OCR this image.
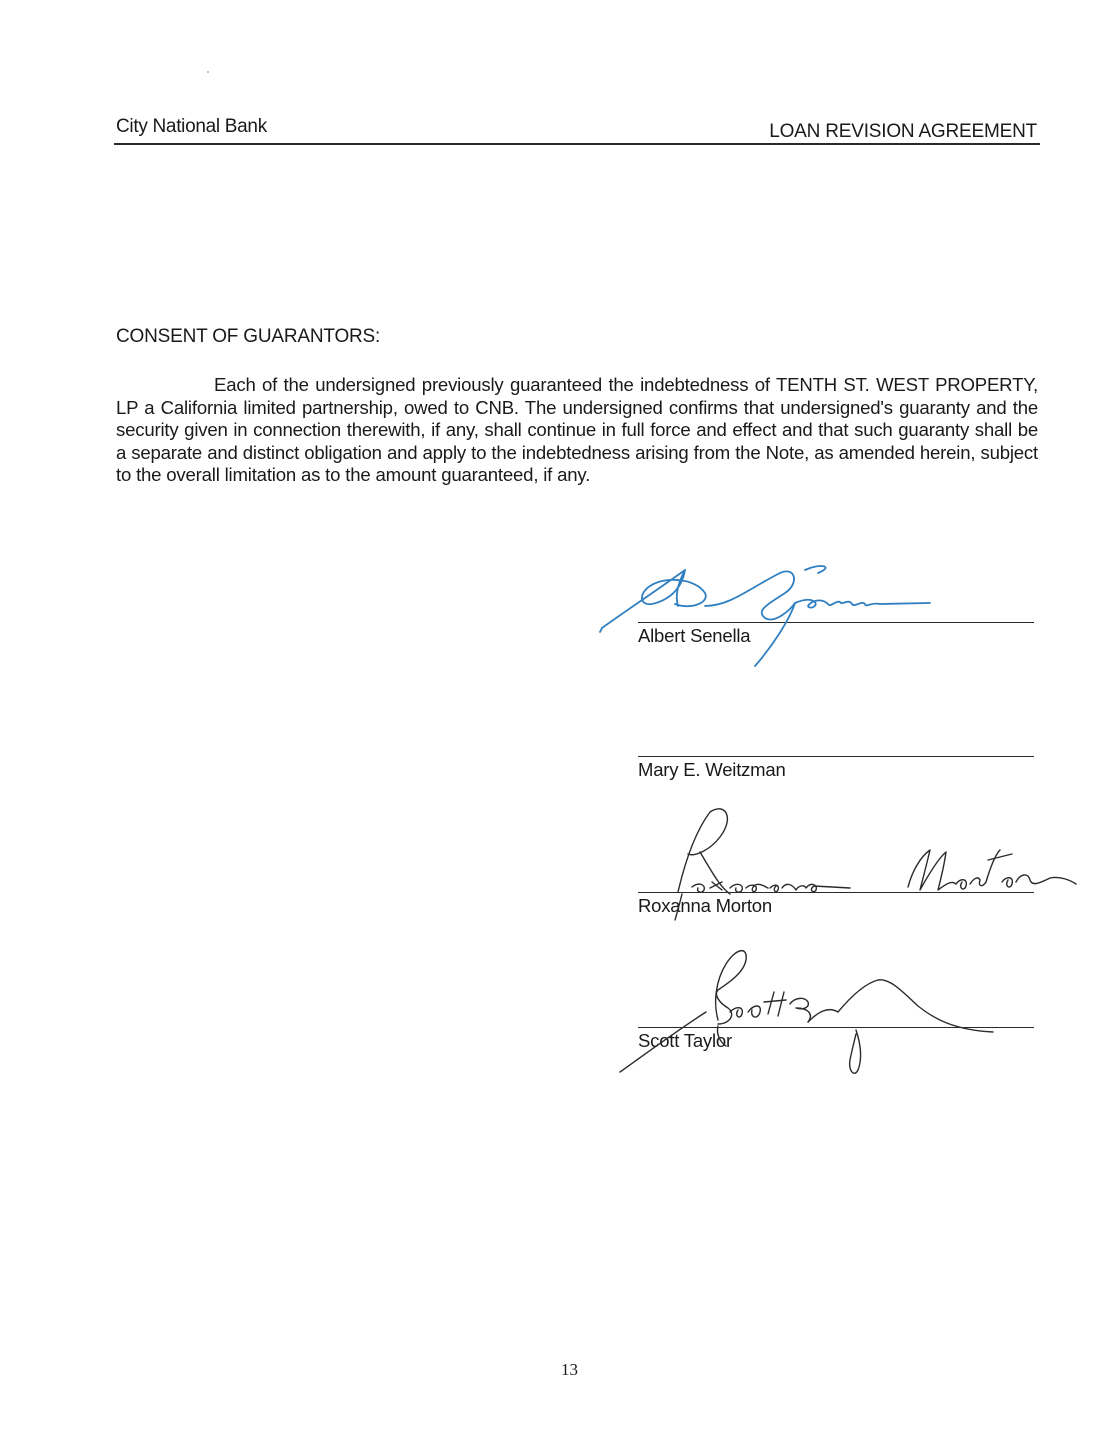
City National Bank	LOAN REVISION AGREEMENT
CONSENT OF GUARANTORS:

Each of the undersigned previously guaranteed the indebtedness of TENTH ST. WEST PROPERTY, LP a California limited partnership, owed to CNB. The undersigned confirms that undersigned's guaranty and the security given in connection therewith, if any, shall continue in full force and effect and that such guaranty shall be a separate and distinct obligation and apply to the indebtedness arising from the Note, as amended herein, subject to the overall limitation as to the amount guaranteed, if any.

Albert Senella
Mary E. Weitzman
Roxanna Morton
Scott Taylor
13
